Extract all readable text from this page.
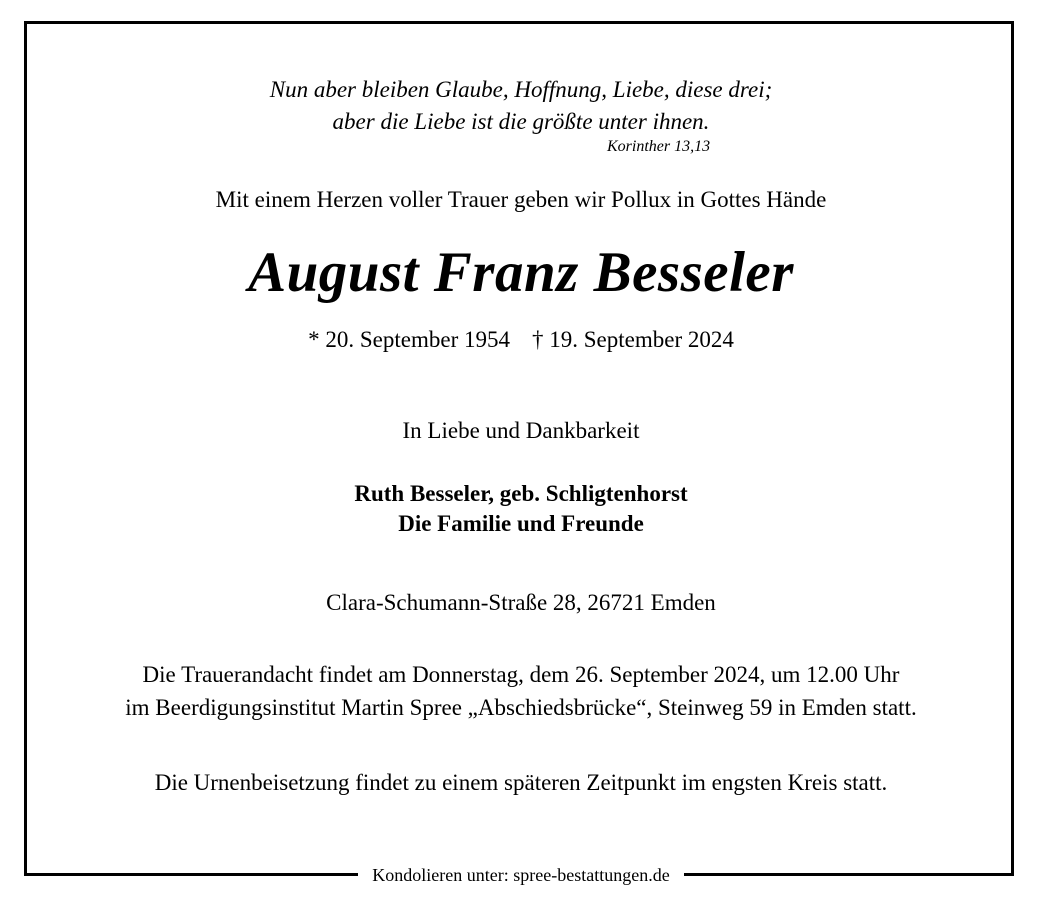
Nun aber bleiben Glaube, Hoffnung, Liebe, diese drei;
aber die Liebe ist die größte unter ihnen.
Korinther 13,13
Mit einem Herzen voller Trauer geben wir Pollux in Gottes Hände
August Franz Besseler
* 20. September 1954 † 19. September 2024
In Liebe und Dankbarkeit
Ruth Besseler, geb. Schligtenhorst
Die Familie und Freunde
Clara-Schumann-Straße 28, 26721 Emden
Die Trauerandacht findet am Donnerstag, dem 26. September 2024, um 12.00 Uhr
im Beerdigungsinstitut Martin Spree „Abschiedsbrücke“, Steinweg 59 in Emden statt.
Die Urnenbeisetzung findet zu einem späteren Zeitpunkt im engsten Kreis statt.
Kondolieren unter: spree-bestattungen.de
